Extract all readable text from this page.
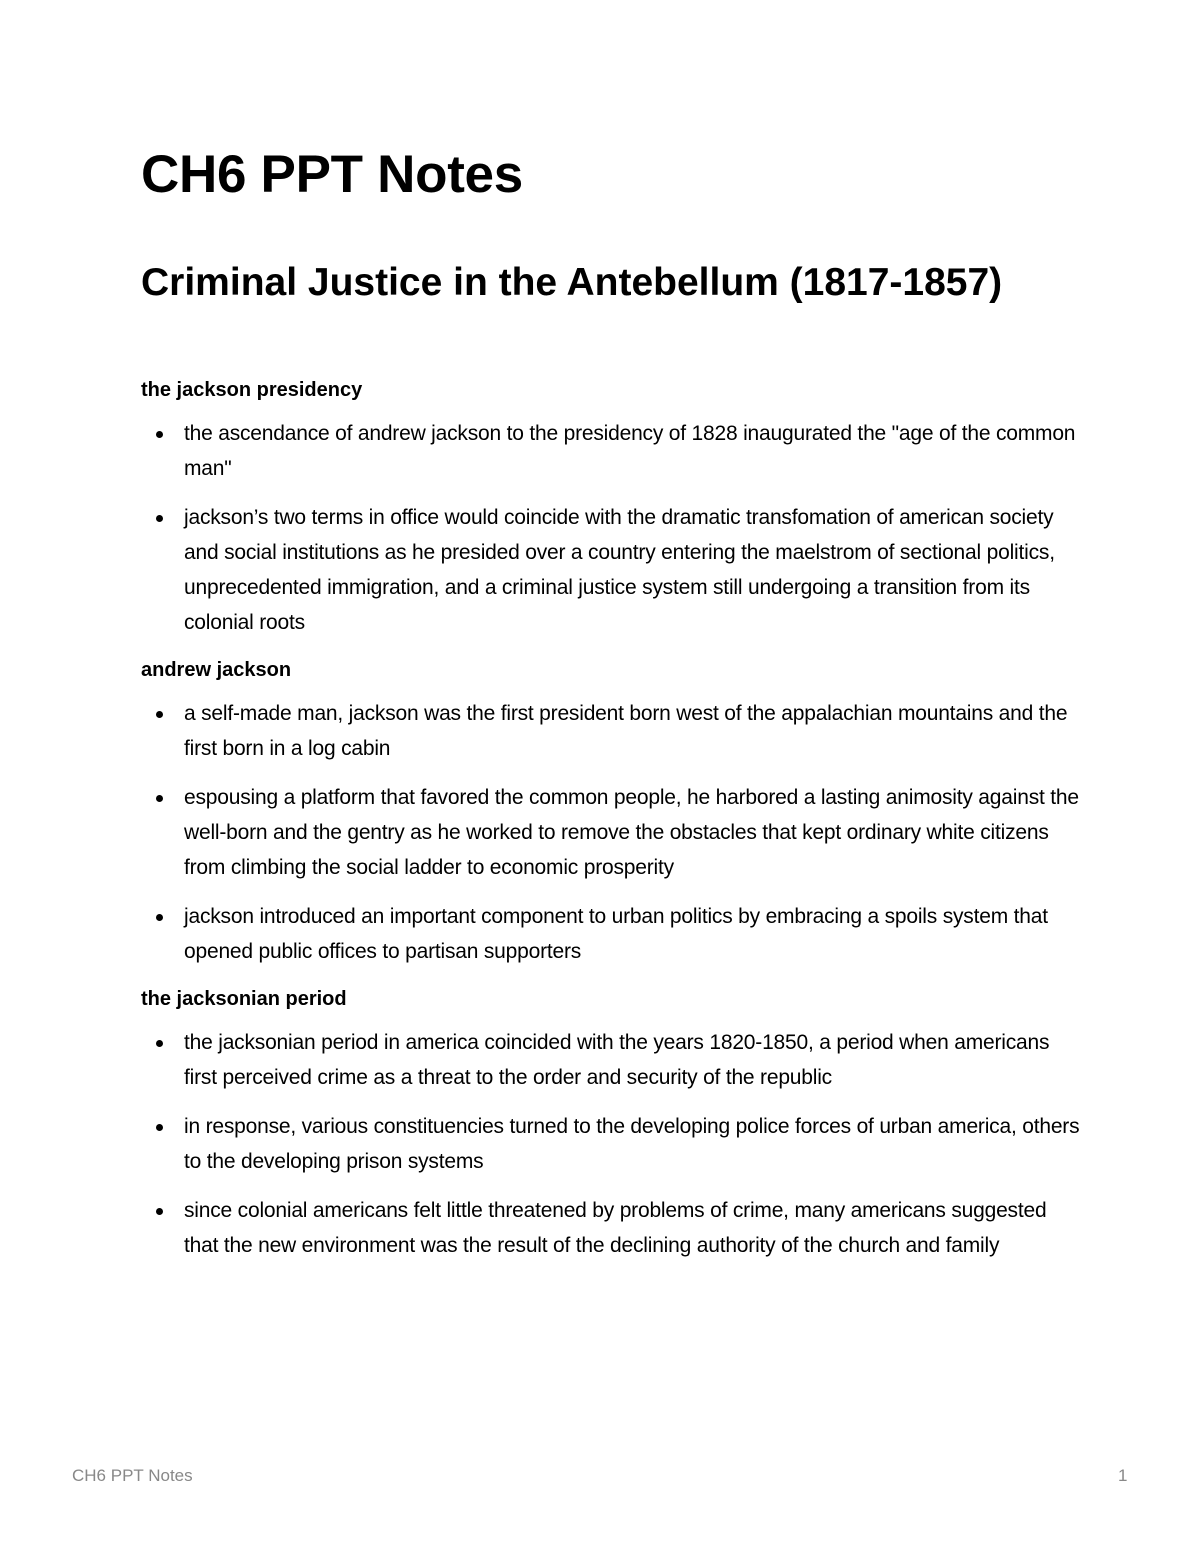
CH6 PPT Notes
Criminal Justice in the Antebellum (1817-1857)
the jackson presidency
the ascendance of andrew jackson to the presidency of 1828 inaugurated the "age of the common man"
jackson’s two terms in office would coincide with the dramatic transfomation of american society and social institutions as he presided over a country entering the maelstrom of sectional politics, unprecedented immigration, and a criminal justice system still undergoing a transition from its colonial roots
andrew jackson
a self-made man, jackson was the first president born west of the appalachian mountains and the first born in a log cabin
espousing a platform that favored the common people, he harbored a lasting animosity against the well-born and the gentry as he worked to remove the obstacles that kept ordinary white citizens from climbing the social ladder to economic prosperity
jackson introduced an important component to urban politics by embracing a spoils system that opened public offices to partisan supporters
the jacksonian period
the jacksonian period in america coincided with the years 1820-1850, a period when americans first perceived crime as a threat to the order and security of the republic
in response, various constituencies turned to the developing police forces of urban america, others to the developing prison systems
since colonial americans felt little threatened by problems of crime, many americans suggested that the new environment was the result of the declining authority of the church and family
CH6 PPT Notes	1
